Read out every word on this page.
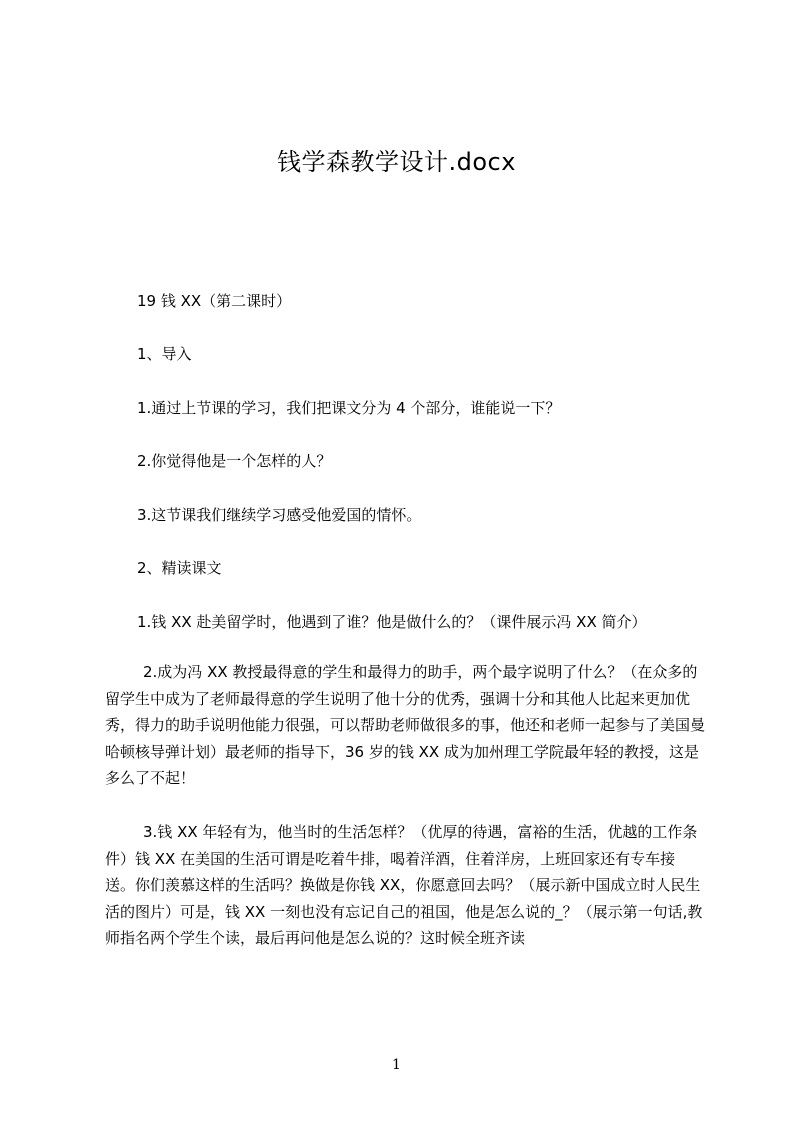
钱学森教学设计.docx
19 钱 XX（第二课时）
1、导入
1.通过上节课的学习，我们把课文分为 4 个部分，谁能说一下？
2.你觉得他是一个怎样的人？
3.这节课我们继续学习感受他爱国的情怀。
2、精读课文
1.钱 XX 赴美留学时，他遇到了谁？他是做什么的？（课件展示冯 XX 简介）

2.成为冯 XX 教授最得意的学生和最得力的助手，两个最字说明了什么？（在众多的留学生中成为了老师最得意的学生说明了他十分的优秀，强调十分和其他人比起来更加优秀，得力的助手说明他能力很强，可以帮助老师做很多的事，他还和老师一起参与了美国曼哈顿核导弹计划）最老师的指导下，36 岁的钱 XX 成为加州理工学院最年轻的教授，这是多么了不起！

3.钱 XX 年轻有为，他当时的生活怎样？（优厚的待遇，富裕的生活，优越的工作条件）钱 XX 在美国的生活可谓是吃着牛排，喝着洋酒，住着洋房，上班回家还有专车接送。你们羡慕这样的生活吗？换做是你钱 XX，你愿意回去吗？（展示新中国成立时人民生活的图片）可是，钱 XX 一刻也没有忘记自己的祖国，他是怎么说的_？（展示第一句话,教师指名两个学生个读，最后再问他是怎么说的？这时候全班齐读

1
